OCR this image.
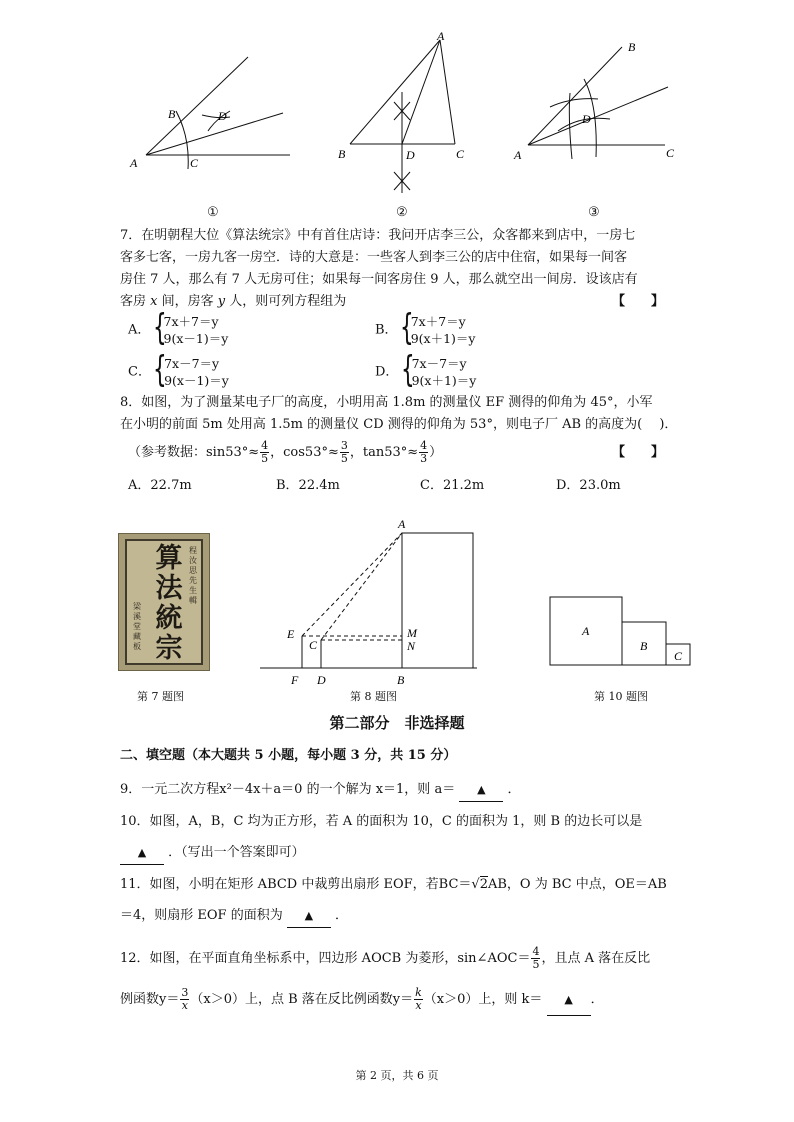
A
B
C
D
①
A
B	C
D
②
A
B
C
D
③
7．在明朝程大位《算法统宗》中有首住店诗：我问开店李三公，众客都来到店中，一房七
客多七客，一房九客一房空．诗的大意是：一些客人到李三公的店中住宿，如果每一间客
房住 7 人，那么有 7 人无房可住；如果每一间客房住 9 人，那么就空出一间房．设该店有
客房 x 间，房客 y 人，则可列方程组为	【　　】
A．
{ 7x＋7＝y
9(x－1)＝y
B．
{ 7x＋7＝y
9(x＋1)＝y
C．
{ 7x－7＝y
9(x－1)＝y
D．
{ 7x－7＝y
9(x＋1)＝y
8．如图，为了测量某电子厂的高度，小明用高 1.8m 的测量仪 EF 测得的仰角为 45°，小军
在小明的前面 5m 处用高 1.5m 的测量仪 CD 测得的仰角为 53°，则电子厂 AB 的高度为(　 )．
（参考数据：$\sin 53^\circ\approx \frac{4}{5}$ ，$\cos 53^\circ\approx \frac{3}{5}$ ，$\tan 53^\circ\approx \frac{4}{3}$ ）	【　　】
A．22.7m	B．22.4m	C．21.2m	D．23.0m
算
法
統
宗
程汝思先生輯
梁溪堂藏板
第 7 题图
A
E
C
M
N
F D	B
第 8 题图
A
B
C
第 10 题图
第二部分　非选择题
二、填空题（本大题共 5 小题，每小题 3 分，共 15 分）
9．一元二次方程x²－4x＋a＝0 的一个解为 x＝1，则 a＝ ▲ ．
10．如图，A，B，C 均为正方形，若 A 的面积为 10，C 的面积为 1，则 B 的边长可以是
▲ ．（写出一个答案即可）
11．如图，小明在矩形 ABCD 中裁剪出扇形 EOF，若BC＝√2AB，O 为 BC 中点，OE＝AB
＝4，则扇形 EOF 的面积为 ▲ ．
12．如图，在平面直角坐标系中，四边形 AOCB 为菱形，sin∠AOC＝ $\frac{4}{5}$ ，且点 A 落在反比
例函数$y= \frac{3}{x} (x>0)$上，点 B 落在反比例函数$y= \frac{k}{x} (x>0)$上，则 k＝ ▲ ．
第 2 页，共 6 页
